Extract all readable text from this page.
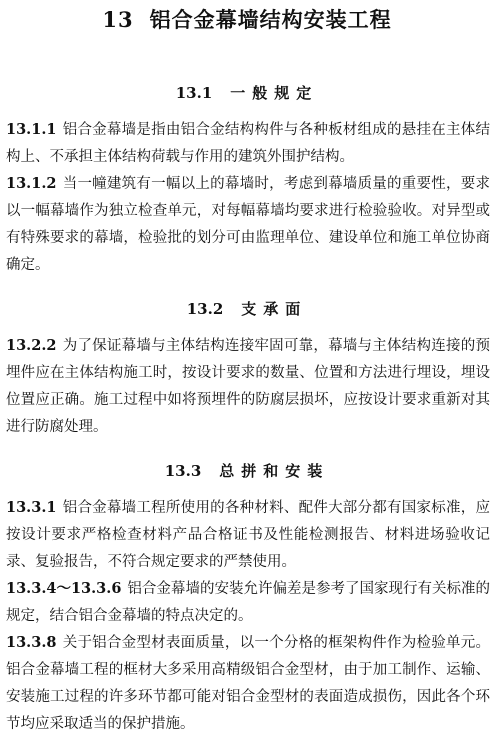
13 铝合金幕墙结构安装工程
13.1 一般规定
13.1.1 铝合金幕墙是指由铝合金结构构件与各种板材组成的悬挂在主体结构上、不承担主体结构荷载与作用的建筑外围护结构。
13.1.2 当一幢建筑有一幅以上的幕墙时，考虑到幕墙质量的重要性，要求以一幅幕墙作为独立检查单元，对每幅幕墙均要求进行检验验收。对异型或有特殊要求的幕墙，检验批的划分可由监理单位、建设单位和施工单位协商确定。
13.2 支承面
13.2.2 为了保证幕墙与主体结构连接牢固可靠，幕墙与主体结构连接的预埋件应在主体结构施工时，按设计要求的数量、位置和方法进行埋设，埋设位置应正确。施工过程中如将预埋件的防腐层损坏，应按设计要求重新对其进行防腐处理。
13.3 总拼和安装
13.3.1 铝合金幕墙工程所使用的各种材料、配件大部分都有国家标准，应按设计要求严格检查材料产品合格证书及性能检测报告、材料进场验收记录、复验报告，不符合规定要求的严禁使用。
13.3.4～13.3.6 铝合金幕墙的安装允许偏差是参考了国家现行有关标准的规定，结合铝合金幕墙的特点决定的。
13.3.8 关于铝合金型材表面质量，以一个分格的框架构件作为检验单元。铝合金幕墙工程的框材大多采用高精级铝合金型材，由于加工制作、运输、安装施工过程的许多环节都可能对铝合金型材的表面造成损伤，因此各个环节均应采取适当的保护措施。
